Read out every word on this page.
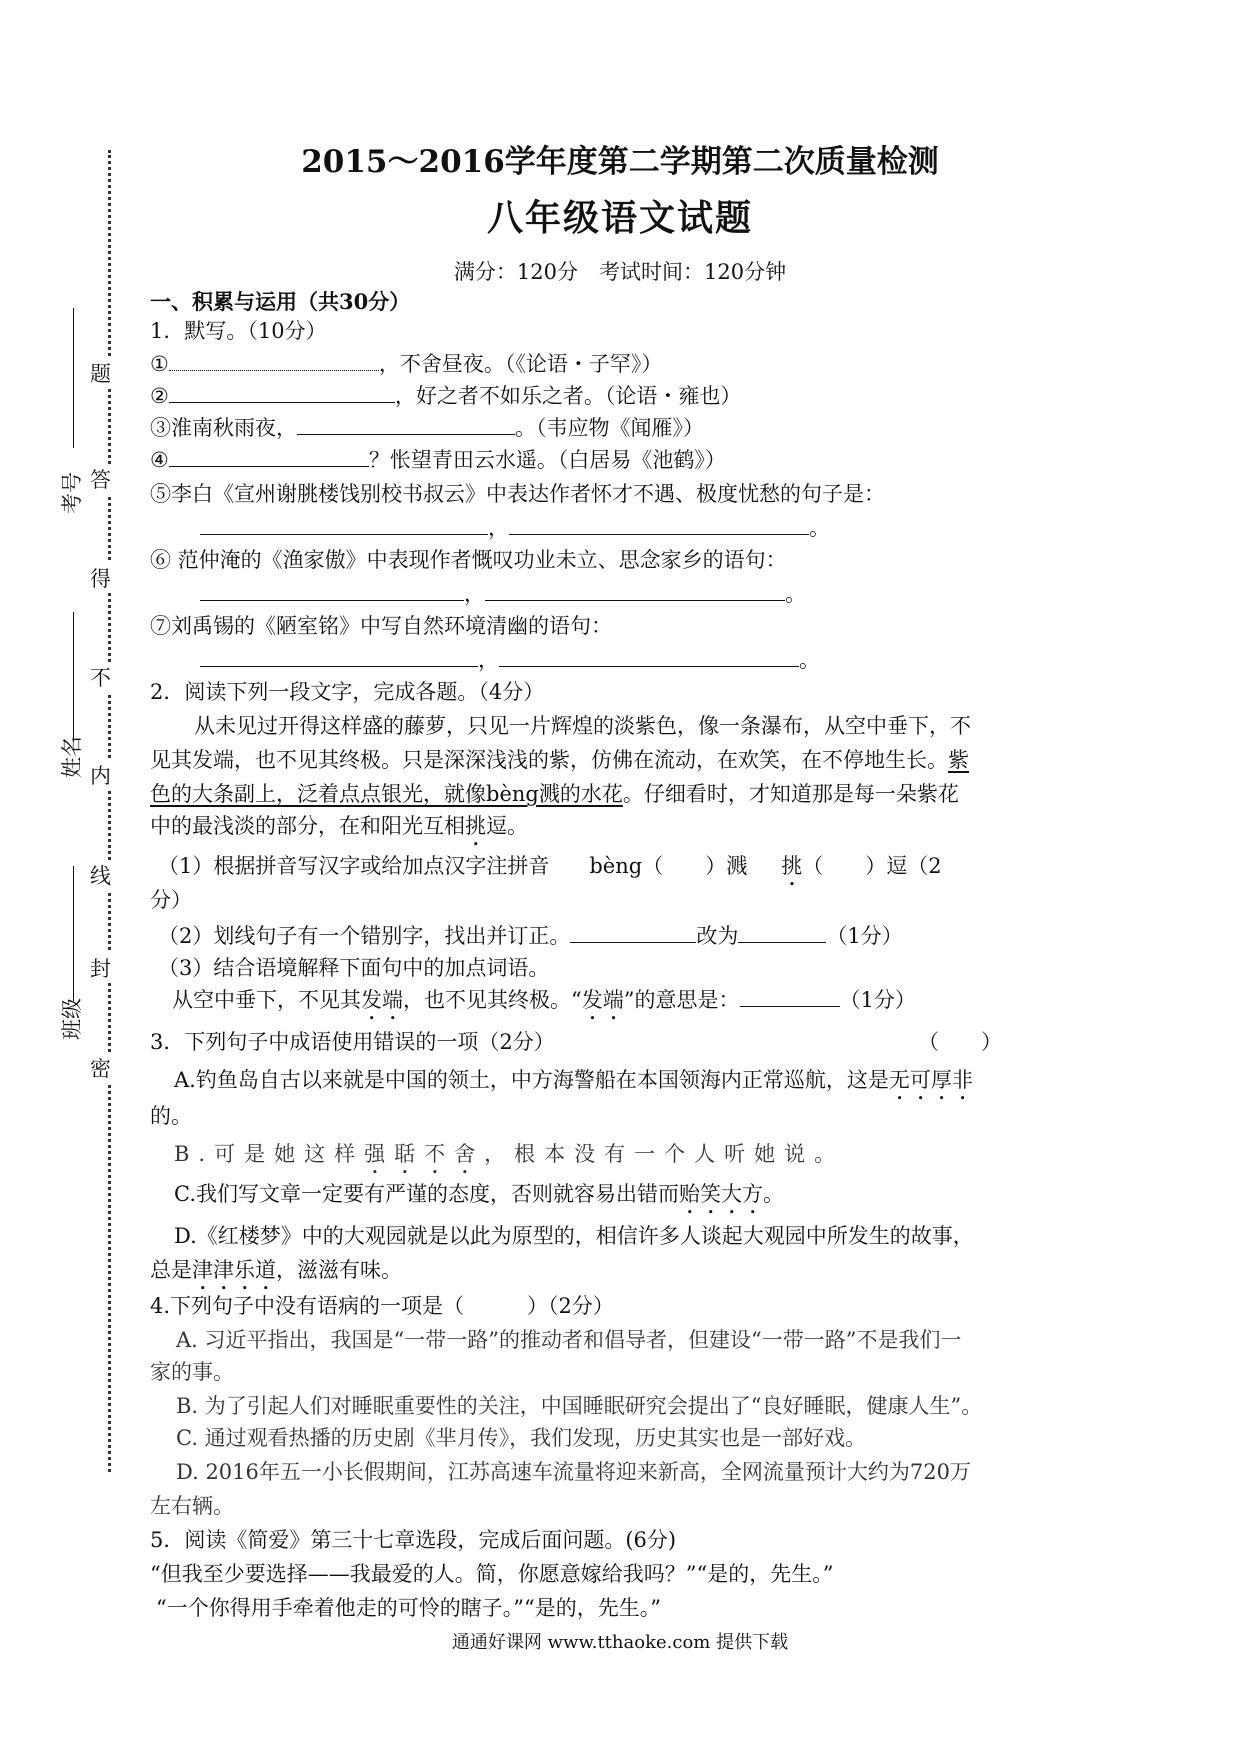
考号
姓名
班级
题
答
得
不
内
线
封
密
2015～2016学年度第二学期第二次质量检测
八年级语文试题
满分：120分　考试时间：120分钟
一、积累与运用（共30分）
1．默写。（10分）
①	，不舍昼夜。（《论语・子罕》）
②	，好之者不如乐之者。（论语・雍也）
③淮南秋雨夜，	。（韦应物《闻雁》）
④	？怅望青田云水遥。（白居易《池鹤》）
⑤李白《宣州谢朓楼饯别校书叔云》中表达作者怀才不遇、极度忧愁的句子是：
，	。
⑥ 范仲淹的《渔家傲》中表现作者慨叹功业未立、思念家乡的语句：
，	。
⑦刘禹锡的《陋室铭》中写自然环境清幽的语句：
，	。
2．阅读下列一段文字，完成各题。（4分）
从未见过开得这样盛的藤萝，只见一片辉煌的淡紫色，像一条瀑布，从空中垂下，不
见其发端，也不见其终极。只是深深浅浅的紫，仿佛在流动，在欢笑，在不停地生长。紫
色的大条副上，泛着点点银光，就像bèng溅的水花。仔细看时，才知道那是每一朵紫花
中的最浅淡的部分，在和阳光互相挑逗。
（1）根据拼音写汉字或给加点汉字注拼音 bèng（　　）溅 挑（　　）逗（2
分）
（2）划线句子有一个错别字，找出并订正。	改为	（1分）
（3）结合语境解释下面句中的加点词语。
从空中垂下，不见其发端，也不见其终极。“发端”的意思是：	（1分）
3．下列句子中成语使用错误的一项（2分）	（　　）
A.钓鱼岛自古以来就是中国的领土，中方海警船在本国领海内正常巡航，这是无可厚非
的。
B.可是她这样强聒不舍，根本没有一个人听她说。
C.我们写文章一定要有严谨的态度，否则就容易出错而贻笑大方。
D.《红楼梦》中的大观园就是以此为原型的，相信许多人谈起大观园中所发生的故事，
总是津津乐道，滋滋有味。
4.下列句子中没有语病的一项是（　　　）（2分）
A. 习近平指出，我国是“一带一路”的推动者和倡导者，但建设“一带一路”不是我们一
家的事。
B. 为了引起人们对睡眠重要性的关注，中国睡眠研究会提出了“良好睡眠，健康人生”。
C. 通过观看热播的历史剧《芈月传》，我们发现，历史其实也是一部好戏。
D. 2016年五一小长假期间，江苏高速车流量将迎来新高，全网流量预计大约为720万
左右辆。
5．阅读《简爱》第三十七章选段，完成后面问题。(6分)
“但我至少要选择——我最爱的人。简，你愿意嫁给我吗？”“是的，先生。”
“一个你得用手牵着他走的可怜的瞎子。”“是的，先生。”
通通好课网 www.tthaoke.com 提供下载
